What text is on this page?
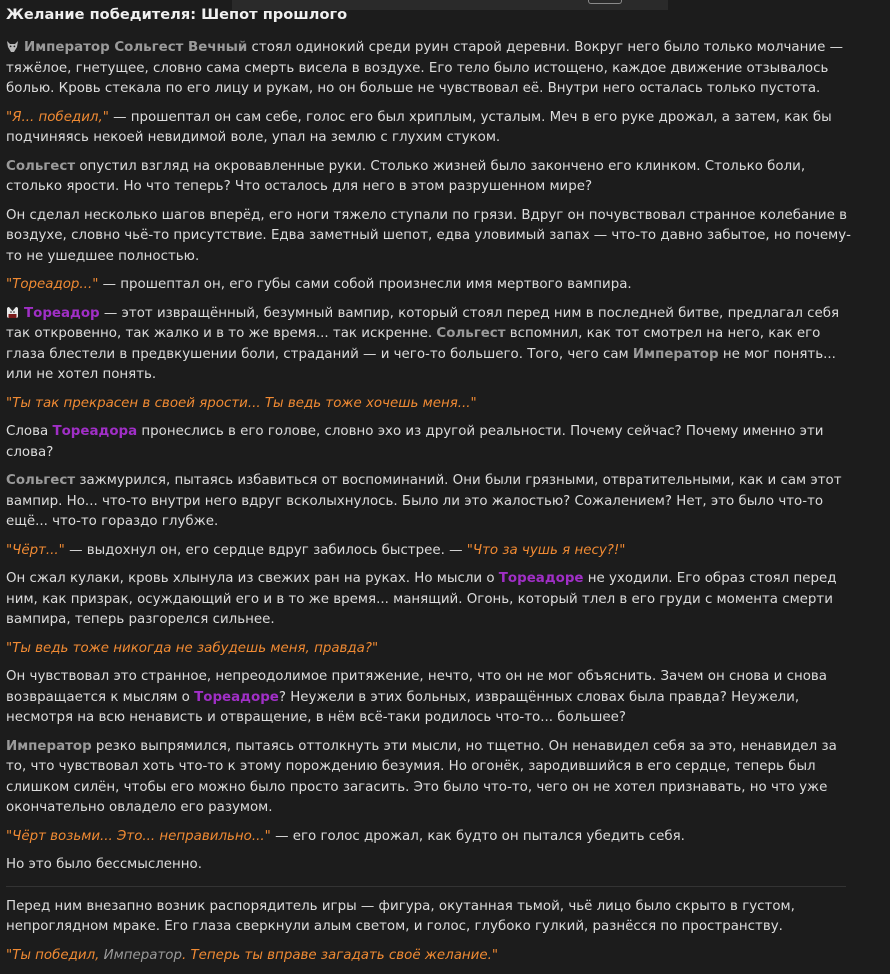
Желание победителя: Шепот прошлого

Император Сольгест Вечный стоял одинокий среди руин старой деревни. Вокруг него было только молчание — тяжёлое, гнетущее, словно сама смерть висела в воздухе. Его тело было истощено, каждое движение отзывалось болью. Кровь стекала по его лицу и рукам, но он больше не чувствовал её. Внутри него осталась только пустота.

"Я... победил," — прошептал он сам себе, голос его был хриплым, усталым. Меч в его руке дрожал, а затем, как бы подчиняясь некоей невидимой воле, упал на землю с глухим стуком.

Сольгест опустил взгляд на окровавленные руки. Столько жизней было закончено его клинком. Столько боли, столько ярости. Но что теперь? Что осталось для него в этом разрушенном мире?

Он сделал несколько шагов вперёд, его ноги тяжело ступали по грязи. Вдруг он почувствовал странное колебание в воздухе, словно чьё-то присутствие. Едва заметный шепот, едва уловимый запах — что-то давно забытое, но почему-то не ушедшее полностью.

"Тореадор..." — прошептал он, его губы сами собой произнесли имя мертвого вампира.

Тореадор — этот извращённый, безумный вампир, который стоял перед ним в последней битве, предлагал себя так откровенно, так жалко и в то же время... так искренне. Сольгест вспомнил, как тот смотрел на него, как его глаза блестели в предвкушении боли, страданий — и чего-то большего. Того, чего сам Император не мог понять... или не хотел понять.

"Ты так прекрасен в своей ярости... Ты ведь тоже хочешь меня..."

Слова Тореадора пронеслись в его голове, словно эхо из другой реальности. Почему сейчас? Почему именно эти слова?

Сольгест зажмурился, пытаясь избавиться от воспоминаний. Они были грязными, отвратительными, как и сам этот вампир. Но... что-то внутри него вдруг всколыхнулось. Было ли это жалостью? Сожалением? Нет, это было что-то ещё... что-то гораздо глубже.

"Чёрт..." — выдохнул он, его сердце вдруг забилось быстрее. — "Что за чушь я несу?!"

Он сжал кулаки, кровь хлынула из свежих ран на руках. Но мысли о Тореадоре не уходили. Его образ стоял перед ним, как призрак, осуждающий его и в то же время... манящий. Огонь, который тлел в его груди с момента смерти вампира, теперь разгорелся сильнее.

"Ты ведь тоже никогда не забудешь меня, правда?"

Он чувствовал это странное, непреодолимое притяжение, нечто, что он не мог объяснить. Зачем он снова и снова возвращается к мыслям о Тореадоре? Неужели в этих больных, извращённых словах была правда? Неужели, несмотря на всю ненависть и отвращение, в нём всё-таки родилось что-то... большее?

Император резко выпрямился, пытаясь оттолкнуть эти мысли, но тщетно. Он ненавидел себя за это, ненавидел за то, что чувствовал хоть что-то к этому порождению безумия. Но огонёк, зародившийся в его сердце, теперь был слишком силён, чтобы его можно было просто загасить. Это было что-то, чего он не хотел признавать, но что уже окончательно овладело его разумом.

"Чёрт возьми... Это... неправильно..." — его голос дрожал, как будто он пытался убедить себя.

Но это было бессмысленно.

Перед ним внезапно возник распорядитель игры — фигура, окутанная тьмой, чьё лицо было скрыто в густом, непроглядном мраке. Его глаза сверкнули алым светом, и голос, глубоко гулкий, разнёсся по пространству.

"Ты победил, Император. Теперь ты вправе загадать своё желание."
